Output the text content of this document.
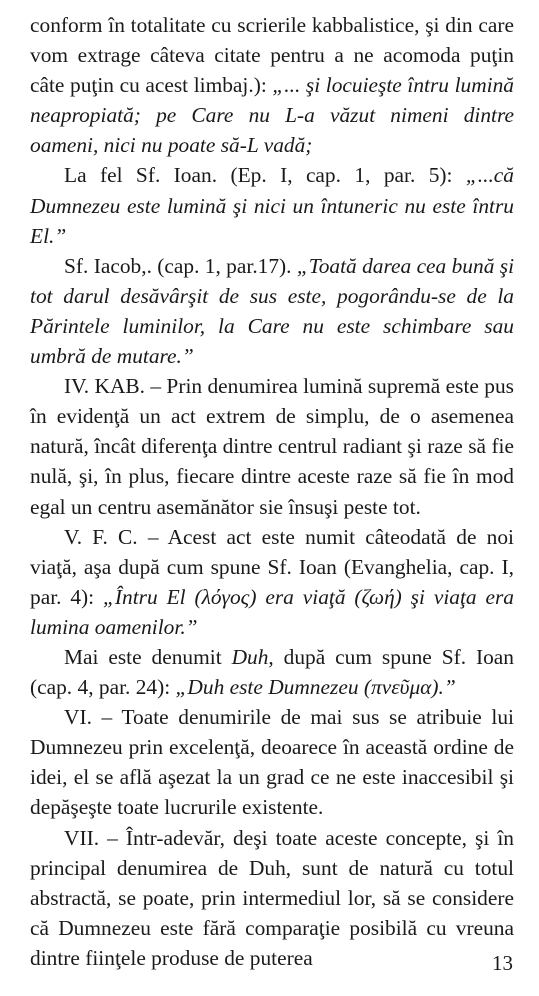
conform în totalitate cu scrierile kabbalistice, şi din care vom extrage câteva citate pentru a ne acomoda puţin câte puţin cu acest limbaj.): „... şi locuieşte întru lumină neapropiată; pe Care nu L-a văzut nimeni dintre oameni, nici nu poate să-L vadă;

La fel Sf. Ioan. (Ep. I, cap. 1, par. 5): „...că Dumnezeu este lumină şi nici un întuneric nu este întru El.”

Sf. Iacob,. (cap. 1, par.17). „Toată darea cea bună şi tot darul desăvârşit de sus este, pogorându-se de la Părintele luminilor, la Care nu este schimbare sau umbră de mutare.”

IV. KAB. – Prin denumirea lumină supremă este pus în evidenţă un act extrem de simplu, de o asemenea natură, încât diferenţa dintre centrul radiant şi raze să fie nulă, şi, în plus, fiecare dintre aceste raze să fie în mod egal un centru asemănător sie însuşi peste tot.

V. F. C. – Acest act este numit câteodată de noi viaţă, aşa după cum spune Sf. Ioan (Evanghelia, cap. I, par. 4): „Întru El (λόγος) era viaţă (ζωή) şi viaţa era lumina oamenilor.”

Mai este denumit Duh, după cum spune Sf. Ioan (cap. 4, par. 24): „Duh este Dumnezeu (πνεῦμα).”

VI. – Toate denumirile de mai sus se atribuie lui Dumnezeu prin excelenţă, deoarece în această ordine de idei, el se află aşezat la un grad ce ne este inaccesibil şi depăşeşte toate lucrurile existente.

VII. – Într-adevăr, deşi toate aceste concepte, şi în principal denumirea de Duh, sunt de natură cu totul abstractă, se poate, prin intermediul lor, să se considere că Dumnezeu este fără comparaţie posibilă cu vreuna dintre fiinţele produse de puterea	13
